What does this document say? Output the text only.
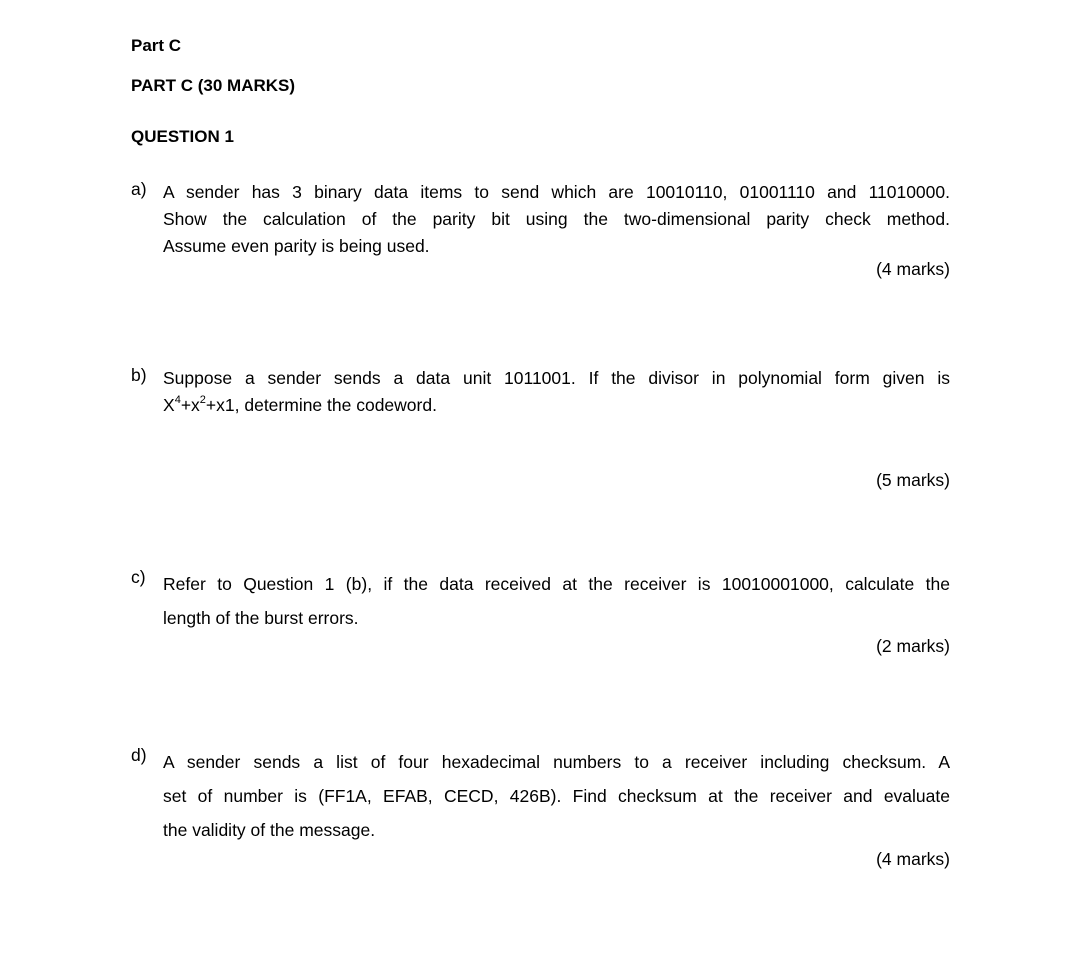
Part C
PART C (30 MARKS)
QUESTION 1
a) A sender has 3 binary data items to send which are 10010110, 01001110 and 11010000.
Show the calculation of the parity bit using the two-dimensional parity check method.
Assume even parity is being used.
(4 marks)
b) Suppose a sender sends a data unit 1011001. If the divisor in polynomial form given is
$X^4+x^2+x1$, determine the codeword.
(5 marks)
c) Refer to Question 1 (b), if the data received at the receiver is 10010001000, calculate the
length of the burst errors.
(2 marks)
d) A sender sends a list of four hexadecimal numbers to a receiver including checksum. A
set of number is (FF1A, EFAB, CECD, 426B). Find checksum at the receiver and evaluate
the validity of the message.
(4 marks)
